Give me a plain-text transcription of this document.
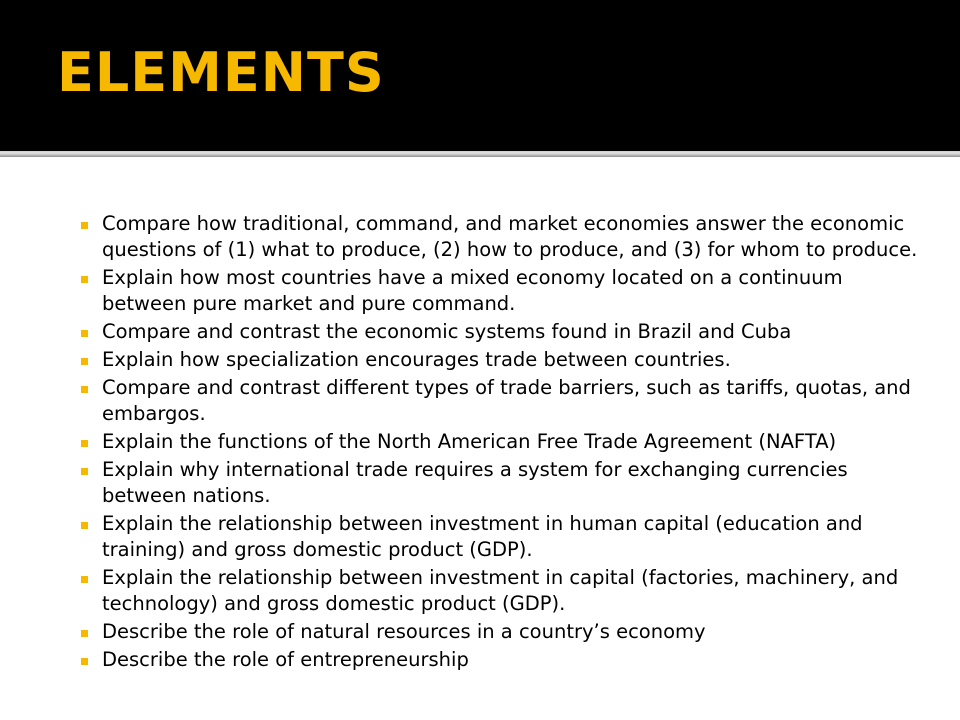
ELEMENTS
Compare how traditional, command, and market economies answer the economic questions of (1) what to produce, (2) how to produce, and (3) for whom to produce.
Explain how most countries have a mixed economy located on a continuum between pure market and pure command.
Compare and contrast the economic systems found in Brazil and Cuba
Explain how specialization encourages trade between countries.
Compare and contrast different types of trade barriers, such as tariffs, quotas, and embargos.
Explain the functions of the North American Free Trade Agreement (NAFTA)
Explain why international trade requires a system for exchanging currencies between nations.
Explain the relationship between investment in human capital (education and training) and gross domestic product (GDP).
Explain the relationship between investment in capital (factories, machinery, and technology) and gross domestic product (GDP).
Describe the role of natural resources in a country’s economy
Describe the role of entrepreneurship
